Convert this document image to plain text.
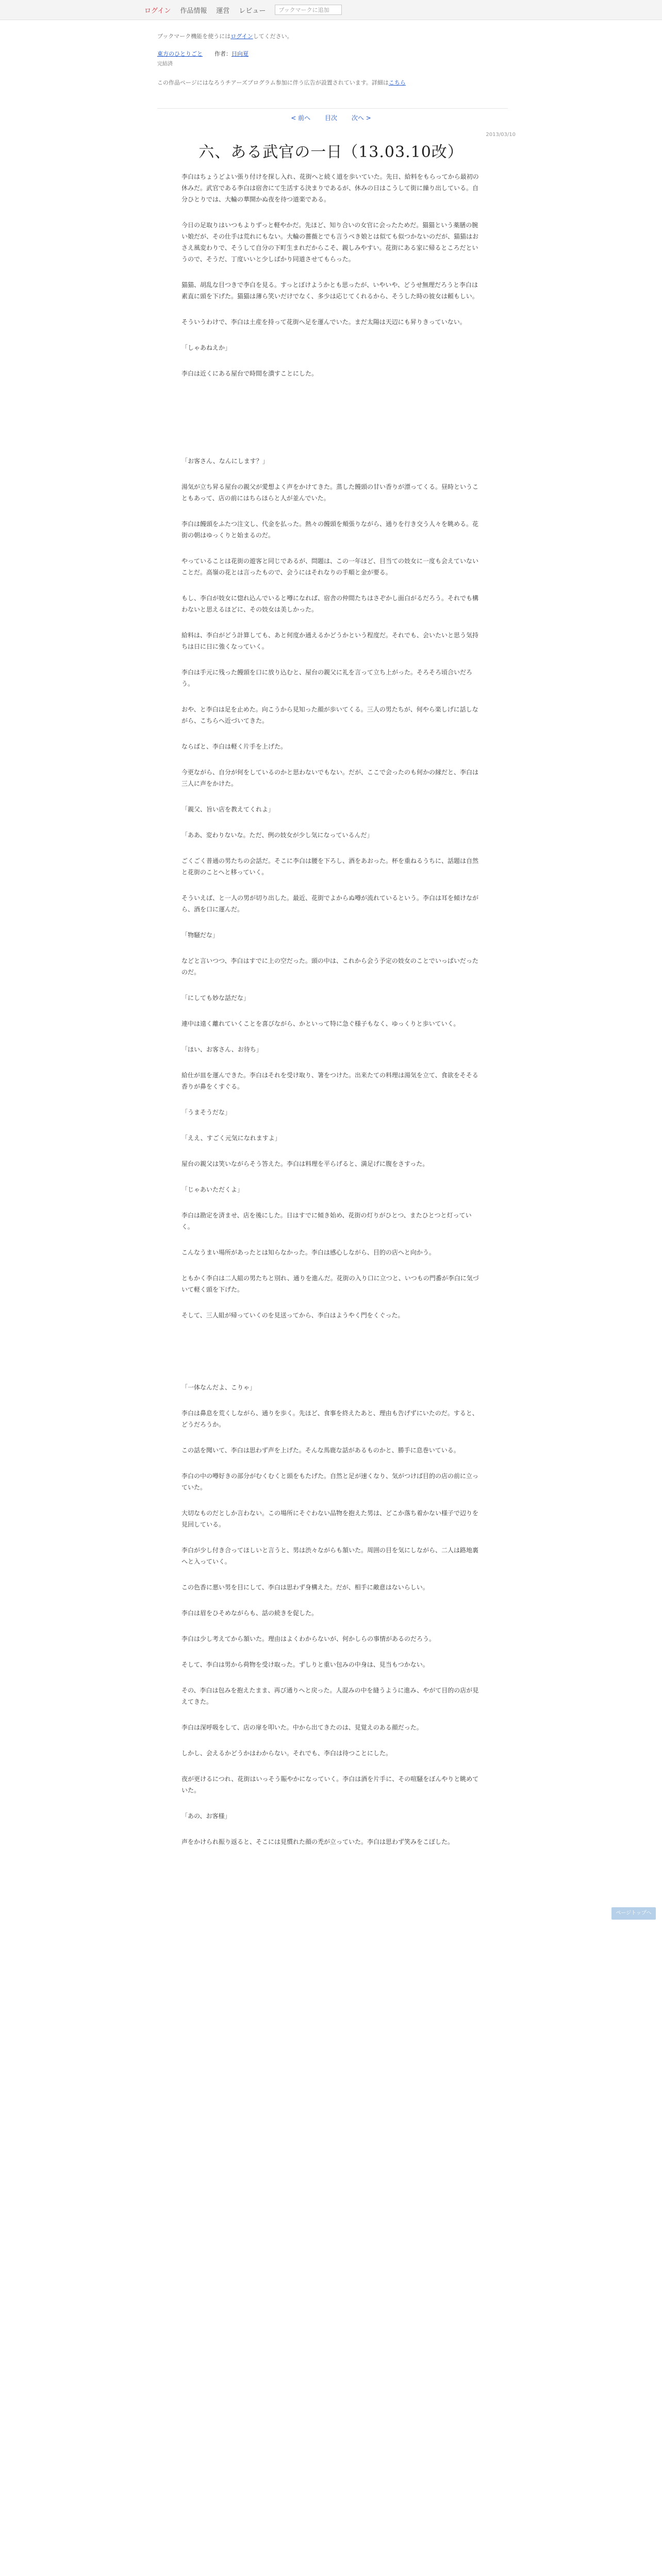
ログイン 作品情報 運営 レビュー	ブックマークに追加
ブックマーク機能を使うにはログインしてください。
東方のひとりごと 作者：日向夏
完結済
この作品ページにはなろうチアーズプログラム参加に伴う広告が設置されています。詳細はこちら
< 前へ 目次 次へ >
2013/03/10
六、ある武官の一日（13.03.10改）

李白はちょうどよい張り付けを探し入れ、花街へと続く道を歩いていた。先日、給料をもらってから最初の休みだ。武官である李白は宿舎にて生活する決まりであるが、休みの日はこうして街に繰り出している。自分ひとりでは、大輪の華開かぬ夜を待つ道楽である。

今日の足取りはいつもよりずっと軽やかだ。先ほど、知り合いの女官に会ったためだ。猫猫という薬膳の腕い娘だが、その仕手は荒れにもない。大輪の薔薇とでも言うべき娘とは似ても似つかないのだが、猫猫はおさえ風変わりで、そうして自分の下町生まれだからこそ、親しみやすい。花街にある家に帰るところだというので、そうだ、丁度いいと少しばかり同道させてもらった。

猫猫、胡乱な目つきで李白を見る。すっとぼけようかとも思ったが、いやいや、どうせ無理だろうと李白は素直に頭を下げた。猫猫は薄ら笑いだけでなく、多少は応じてくれるから、そうした時の彼女は頼もしい。

そういうわけで、李白は土産を持って花街へ足を運んでいた。まだ太陽は天辺にも昇りきっていない。

「しゃあねえか」

李白は近くにある屋台で時間を潰すことにした。

「お客さん、なんにします？」

湯気が立ち昇る屋台の親父が愛想よく声をかけてきた。蒸した饅頭の甘い香りが漂ってくる。昼時ということもあって、店の前にはちらほらと人が並んでいた。

李白は饅頭をふたつ注文し、代金を払った。熱々の饅頭を頬張りながら、通りを行き交う人々を眺める。花街の朝はゆっくりと始まるのだ。

やっていることは花街の遊客と同じであるが、問題は、この一年ほど、目当ての妓女に一度も会えていないことだ。高嶺の花とは言ったもので、会うにはそれなりの手順と金が要る。

もし、李白が妓女に惚れ込んでいると噂になれば、宿舎の仲間たちはさぞかし面白がるだろう。それでも構わないと思えるほどに、その妓女は美しかった。

給料は、李白がどう計算しても、あと何度か通えるかどうかという程度だ。それでも、会いたいと思う気持ちは日に日に強くなっていく。

李白は手元に残った饅頭を口に放り込むと、屋台の親父に礼を言って立ち上がった。そろそろ頃合いだろう。

おや、と李白は足を止めた。向こうから見知った顔が歩いてくる。三人の男たちが、何やら楽しげに話しながら、こちらへ近づいてきた。

ならばと、李白は軽く片手を上げた。

今更ながら、自分が何をしているのかと思わないでもない。だが、ここで会ったのも何かの縁だと、李白は三人に声をかけた。

「親父、旨い店を教えてくれよ」

「ああ、変わりないな。ただ、例の妓女が少し気になっているんだ」

ごくごく普通の男たちの会話だ。そこに李白は腰を下ろし、酒をあおった。杯を重ねるうちに、話題は自然と花街のことへと移っていく。

そういえば、と一人の男が切り出した。最近、花街でよからぬ噂が流れているという。李白は耳を傾けながら、酒を口に運んだ。

「物騒だな」

などと言いつつ、李白はすでに上の空だった。頭の中は、これから会う予定の妓女のことでいっぱいだったのだ。

「にしても妙な話だな」

連中は遠く離れていくことを喜びながら、かといって特に急ぐ様子もなく、ゆっくりと歩いていく。

「ほい、お客さん、お待ち」

給仕が皿を運んできた。李白はそれを受け取り、箸をつけた。出来たての料理は湯気を立て、食欲をそそる香りが鼻をくすぐる。

「うまそうだな」

「ええ、すごく元気になれますよ」

屋台の親父は笑いながらそう答えた。李白は料理を平らげると、満足げに腹をさすった。

「じゃあいただくよ」

李白は勘定を済ませ、店を後にした。日はすでに傾き始め、花街の灯りがひとつ、またひとつと灯っていく。

こんなうまい場所があったとは知らなかった。李白は感心しながら、目的の店へと向かう。

ともかく李白は二人組の男たちと別れ、通りを進んだ。花街の入り口に立つと、いつもの門番が李白に気づいて軽く頭を下げた。

そして、三人組が帰っていくのを見送ってから、李白はようやく門をくぐった。

「一体なんだよ、こりゃ」

李白は鼻息を荒くしながら、通りを歩く。先ほど、食事を終えたあと、理由も告げずにいたのだ。すると、どうだろうか。

この話を聞いて、李白は思わず声を上げた。そんな馬鹿な話があるものかと、勝手に息巻いている。

李白の中の噂好きの部分がむくむくと頭をもたげた。自然と足が速くなり、気がつけば目的の店の前に立っていた。

大切なものだとしか言わない。この場所にそぐわない品物を抱えた男は、どこか落ち着かない様子で辺りを見回している。

李白が少し付き合ってほしいと言うと、男は渋々ながらも頷いた。周囲の目を気にしながら、二人は路地裏へと入っていく。

この色香に悪い男を目にして、李白は思わず身構えた。だが、相手に敵意はないらしい。

李白は眉をひそめながらも、話の続きを促した。

李白は少し考えてから頷いた。理由はよくわからないが、何かしらの事情があるのだろう。

そして、李白は男から荷物を受け取った。ずしりと重い包みの中身は、見当もつかない。

その、李白は包みを抱えたまま、再び通りへと戻った。人混みの中を縫うように進み、やがて目的の店が見えてきた。

李白は深呼吸をして、店の扉を叩いた。中から出てきたのは、見覚えのある顔だった。

しかし、会えるかどうかはわからない。それでも、李白は待つことにした。

夜が更けるにつれ、花街はいっそう賑やかになっていく。李白は酒を片手に、その喧騒をぼんやりと眺めていた。

「あの、お客様」

声をかけられ振り返ると、そこには見慣れた顔の禿が立っていた。李白は思わず笑みをこぼした。

ページトップへ
